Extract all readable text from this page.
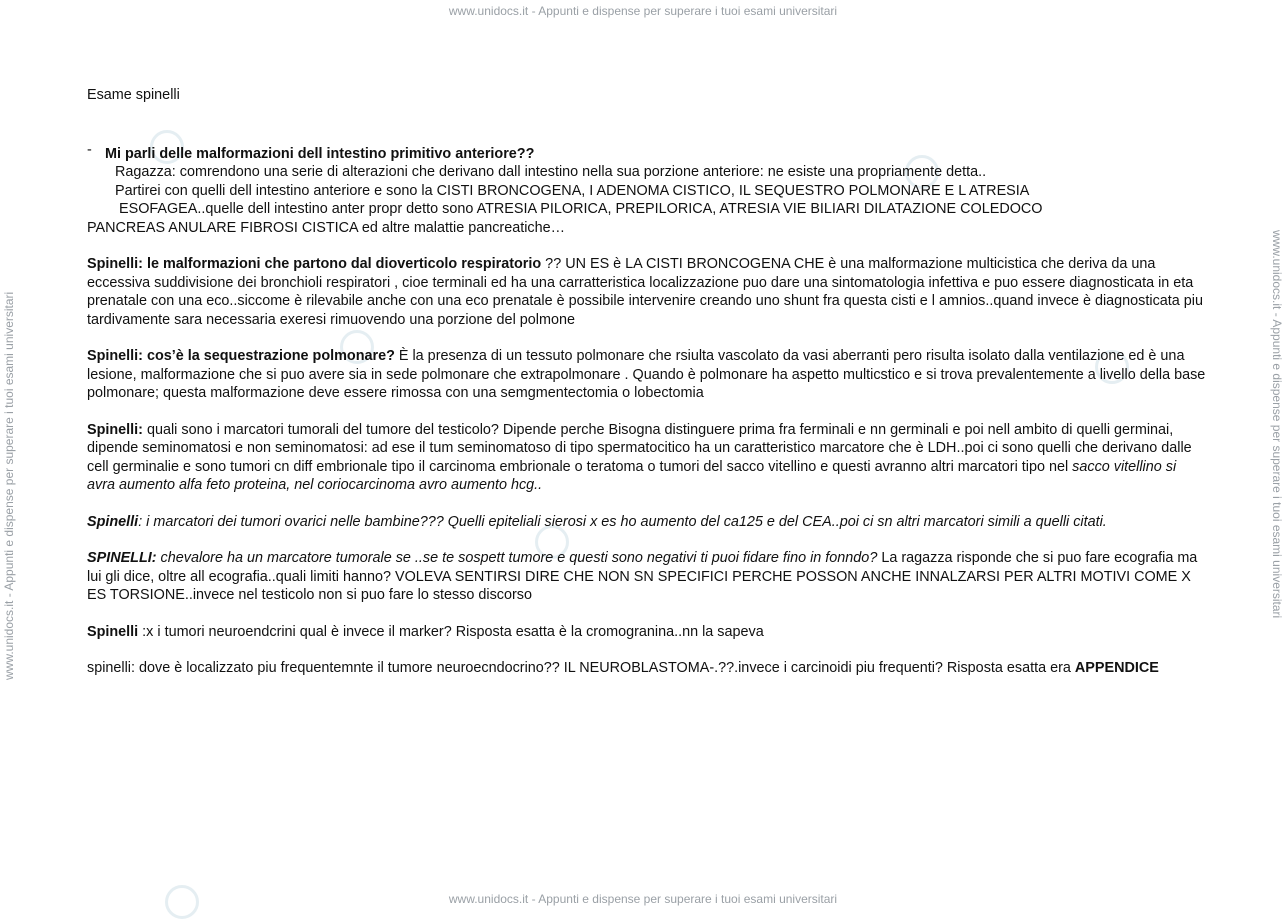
www.unidocs.it - Appunti e dispense per superare i tuoi esami universitari
www.unidocs.it - Appunti e dispense per superare i tuoi esami universitari
www.unidocs.it - Appunti e dispense per superare i tuoi esami universitari	www.unidocs.it - Appunti e dispense per superare i tuoi esami universitari

Esame spinelli

- Mi parli delle malformazioni dell intestino primitivo anteriore??

Ragazza: comrendono una serie di alterazioni che derivano dall intestino nella sua porzione anteriore: ne esiste una propriamente detta..

Partirei con quelli dell intestino anteriore e sono la CISTI BRONCOGENA, I ADENOMA CISTICO, IL SEQUESTRO POLMONARE E L ATRESIA

ESOFAGEA..quelle dell intestino anter propr detto sono ATRESIA PILORICA, PREPILORICA, ATRESIA VIE BILIARI DILATAZIONE COLEDOCO

PANCREAS ANULARE FIBROSI CISTICA ed altre malattie pancreatiche…

Spinelli: le malformazioni che partono dal dioverticolo respiratorio ?? UN ES è LA CISTI BRONCOGENA CHE è una malformazione multicistica che deriva da una eccessiva suddivisione dei bronchioli respiratori , cioe terminali ed ha una carratteristica localizzazione puo dare una sintomatologia infettiva e puo essere diagnosticata in eta prenatale con una eco..siccome è rilevabile anche con una eco prenatale è possibile intervenire creando uno shunt fra questa cisti e l amnios..quand invece è diagnosticata piu tardivamente sara necessaria exeresi rimuovendo una porzione del polmone

Spinelli: cos’è la sequestrazione polmonare? È la presenza di un tessuto polmonare che rsiulta vascolato da vasi aberranti pero risulta isolato dalla ventilazione ed è una lesione, malformazione che si puo avere sia in sede polmonare che extrapolmonare . Quando è polmonare ha aspetto multicstico e si trova prevalentemente a livello della base polmonare; questa malformazione deve essere rimossa con una semgmentectomia o lobectomia

Spinelli: quali sono i marcatori tumorali del tumore del testicolo? Dipende perche Bisogna distinguere prima fra ferminali e nn germinali e poi nell ambito di quelli germinai, dipende seminomatosi e non seminomatosi: ad ese il tum seminomatoso di tipo spermatocitico ha un caratteristico marcatore che è LDH..poi ci sono quelli che derivano dalle cell germinalie e sono tumori cn diff embrionale tipo il carcinoma embrionale o teratoma o tumori del sacco vitellino e questi avranno altri marcatori tipo nel sacco vitellino si avra aumento alfa feto proteina, nel coriocarcinoma avro aumento hcg..

Spinelli: i marcatori dei tumori ovarici nelle bambine??? Quelli epiteliali sierosi x es ho aumento del ca125 e del CEA..poi ci sn altri marcatori simili a quelli citati.

SPINELLI: chevalore ha un marcatore tumorale se ..se te sospett tumore e questi sono negativi ti puoi fidare fino in fonndo? La ragazza risponde che si puo fare ecografia ma lui gli dice, oltre all ecografia..quali limiti hanno? VOLEVA SENTIRSI DIRE CHE NON SN SPECIFICI PERCHE POSSON ANCHE INNALZARSI PER ALTRI MOTIVI COME X ES TORSIONE..invece nel testicolo non si puo fare lo stesso discorso

Spinelli :x i tumori neuroendcrini qual è invece il marker? Risposta esatta è la cromogranina..nn la sapeva

spinelli: dove è localizzato piu frequentemnte il tumore neuroecndocrino?? IL NEUROBLASTOMA-.??.invece i carcinoidi piu frequenti? Risposta esatta era APPENDICE
